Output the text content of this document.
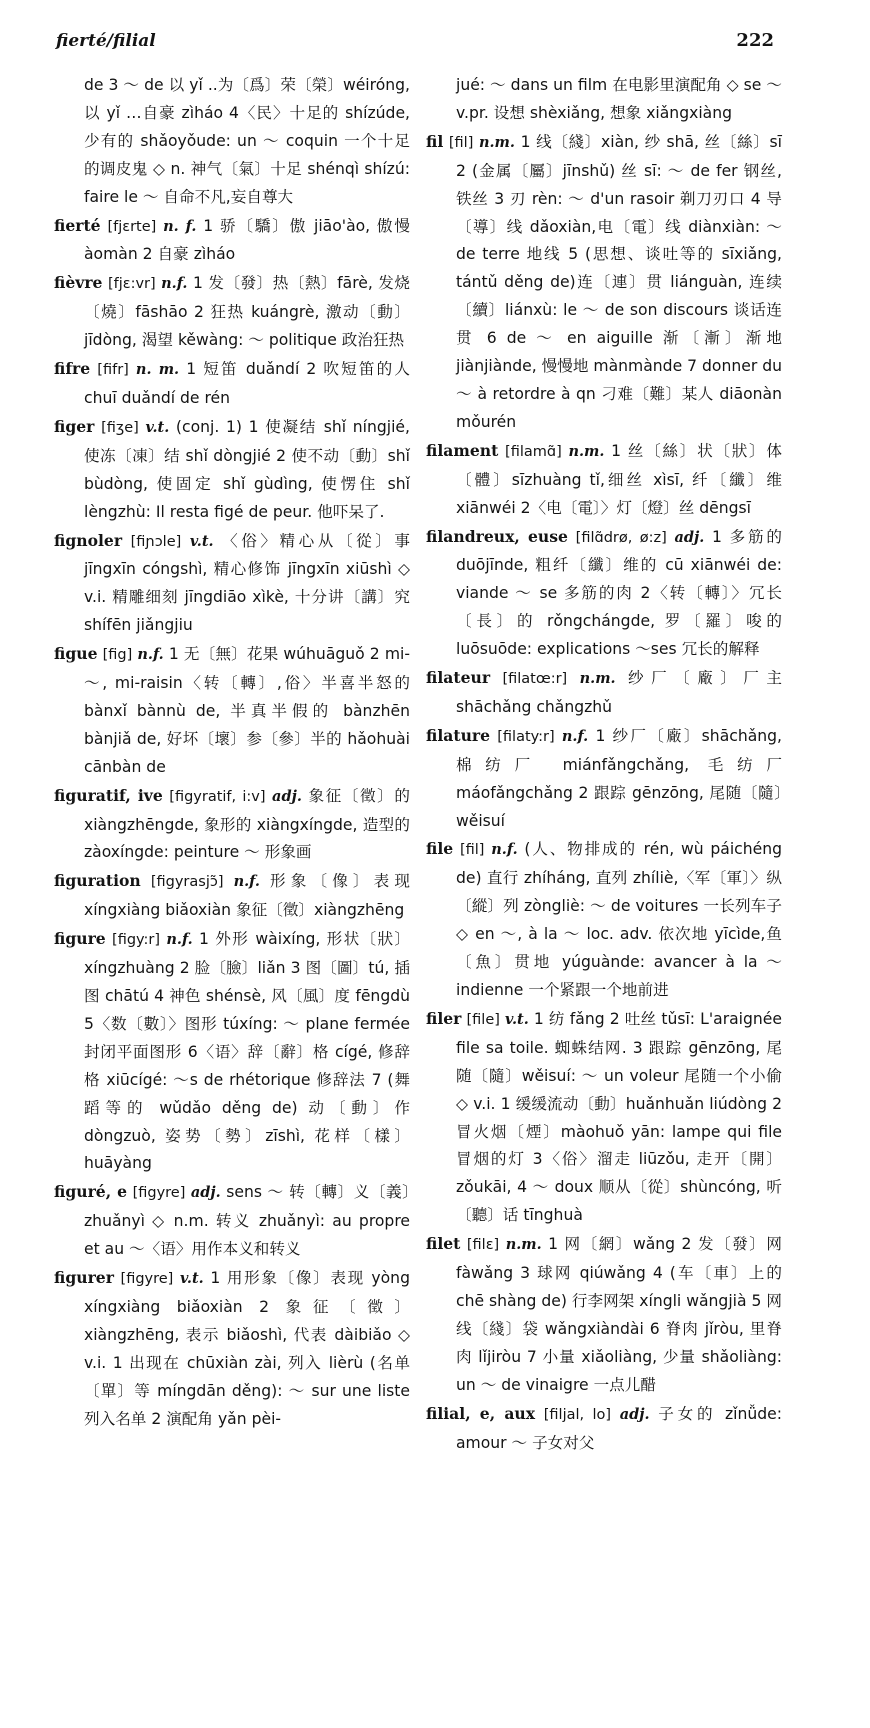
fierté/filial	222

de 3 ～ de 以 yǐ ..为〔爲〕荣〔榮〕wéiróng, 以 yǐ …自豪 zìháo 4〈民〉十足的 shízúde, 少有的 shǎoyǒude: un ～ coquin 一个十足的调皮鬼 ◇ n. 神气〔氣〕十足 shénqì shízú: faire le ～ 自命不凡,妄自尊大

fierté [fjɛrte] n. f. 1 骄〔驕〕傲 jiāo'ào, 傲慢 àomàn 2 自豪 zìháo

fièvre [fjɛ:vr] n.f. 1 发〔發〕热〔熱〕fārè, 发烧〔燒〕fāshāo 2 狂热 kuángrè, 激动〔動〕jīdòng, 渴望 kěwàng: ～ politique 政治狂热

fifre [fifr] n. m. 1 短笛 duǎndí 2 吹短笛的人 chuī duǎndí de rén

figer [fiʒe] v.t. (conj. 1) 1 使凝结 shǐ níngjié, 使冻〔凍〕结 shǐ dòngjié 2 使不动〔動〕shǐ bùdòng, 使固定 shǐ gùdìng, 使愣住 shǐ lèngzhù: Il resta figé de peur. 他吓呆了.

fignoler [fiɲɔle] v.t. 〈俗〉精心从〔從〕事 jīngxīn cóngshì, 精心修饰 jīngxīn xiūshì ◇ v.i. 精雕细刻 jīngdiāo xìkè, 十分讲〔講〕究 shífēn jiǎngjiu

figue [fig] n.f. 1 无〔無〕花果 wúhuāguǒ 2 mi-～, mi-raisin〈转〔轉〕,俗〉半喜半怒的 bànxǐ bànnù de, 半真半假的 bànzhēn bànjiǎ de, 好坏〔壞〕参〔參〕半的 hǎohuài cānbàn de

figuratif, ive [figyratif, i:v] adj. 象征〔徵〕的 xiàngzhēngde, 象形的 xiàngxíngde, 造型的 zàoxíngde: peinture ～ 形象画

figuration [figyrasjɔ̃] n.f. 形象〔像〕表现 xíngxiàng biǎoxiàn 象征〔徵〕xiàngzhēng

figure [figy:r] n.f. 1 外形 wàixíng, 形状〔狀〕xíngzhuàng 2 脸〔臉〕liǎn 3 图〔圖〕tú, 插图 chātú 4 神色 shénsè, 风〔風〕度 fēngdù 5〈数〔數〕〉图形 túxíng: ～ plane fermée 封闭平面图形 6〈语〉辞〔辭〕格 cígé, 修辞格 xiūcígé: ～s de rhétorique 修辞法 7 (舞蹈等的 wǔdǎo děng de) 动〔動〕作 dòngzuò, 姿势〔勢〕zīshì, 花样〔樣〕huāyàng

figuré, e [figyre] adj. sens ～ 转〔轉〕义〔義〕zhuǎnyì ◇ n.m. 转义 zhuǎnyì: au propre et au ～〈语〉用作本义和转义

figurer [figyre] v.t. 1 用形象〔像〕表现 yòng xíngxiàng biǎoxiàn 2 象征〔徵〕xiàngzhēng, 表示 biǎoshì, 代表 dàibiǎo ◇ v.i. 1 出现在 chūxiàn zài, 列入 lièrù (名单〔單〕等 míngdān děng): ～ sur une liste 列入名单 2 演配角 yǎn pèi-

jué: ～ dans un film 在电影里演配角 ◇ se ～ v.pr. 设想 shèxiǎng, 想象 xiǎngxiàng

fil [fil] n.m. 1 线〔綫〕xiàn, 纱 shā, 丝〔絲〕sī 2 (金属〔屬〕jīnshǔ) 丝 sī: ～ de fer 钢丝, 铁丝 3 刃 rèn: ～ d'un rasoir 剃刀刃口 4 导〔導〕线 dǎoxiàn,电〔電〕线 diànxiàn: ～ de terre 地线 5 (思想、谈吐等的 sīxiǎng, tántǔ děng de)连〔連〕贯 liánguàn, 连续〔續〕liánxù: le ～ de son discours 谈话连贯 6 de ～ en aiguille 渐〔漸〕渐地 jiànjiànde, 慢慢地 mànmànde 7 donner du ～ à retordre à qn 刁难〔難〕某人 diāonàn mǒurén

filament [filamɑ̃] n.m. 1 丝〔絲〕状〔狀〕体〔體〕sīzhuàng tǐ,细丝 xìsī, 纤〔纖〕维 xiānwéi 2〈电〔電〕〉灯〔燈〕丝 dēngsī

filandreux, euse [filɑ̃drø, ø:z] adj. 1 多筋的 duōjīnde, 粗纤〔纖〕维的 cū xiānwéi de: viande ～ se 多筋的肉 2〈转〔轉〕〉冗长〔長〕的 rǒngchángde, 罗〔羅〕唆的 luōsuōde: explications ～ses 冗长的解释

filateur [filatœ:r] n.m. 纱厂〔廠〕厂主 shāchǎng chǎngzhǔ

filature [filaty:r] n.f. 1 纱厂〔廠〕shāchǎng, 棉纺厂 miánfǎngchǎng, 毛纺厂 máofǎngchǎng 2 跟踪 gēnzōng, 尾随〔隨〕wěisuí

file [fil] n.f. (人、物排成的 rén, wù páichéng de) 直行 zhíháng, 直列 zhíliè,〈军〔軍〕〉纵〔縱〕列 zòngliè: ～ de voitures 一长列车子 ◇ en ～, à la ～ loc. adv. 依次地 yīcìde,鱼〔魚〕贯地 yúguànde: avancer à la ～ indienne 一个紧跟一个地前进

filer [file] v.t. 1 纺 fǎng 2 吐丝 tǔsī: L'araignée file sa toile. 蜘蛛结网. 3 跟踪 gēnzōng, 尾随〔隨〕wěisuí: ～ un voleur 尾随一个小偷 ◇ v.i. 1 缓缓流动〔動〕huǎnhuǎn liúdòng 2 冒火烟〔煙〕màohuǒ yān: lampe qui file 冒烟的灯 3〈俗〉溜走 liūzǒu, 走开〔開〕zǒukāi, 4 ～ doux 顺从〔從〕shùncóng, 听〔聽〕话 tīnghuà

filet [filɛ] n.m. 1 网〔網〕wǎng 2 发〔發〕网 fàwǎng 3 球网 qiúwǎng 4 (车〔車〕上的 chē shàng de) 行李网架 xíngli wǎngjià 5 网线〔綫〕袋 wǎngxiàndài 6 脊肉 jǐròu, 里脊肉 lǐjiròu 7 小量 xiǎoliàng, 少量 shǎoliàng: un ～ de vinaigre 一点儿醋

filial, e, aux [filjal, lo] adj. 子女的 zǐnǚde: amour ～ 子女对父
